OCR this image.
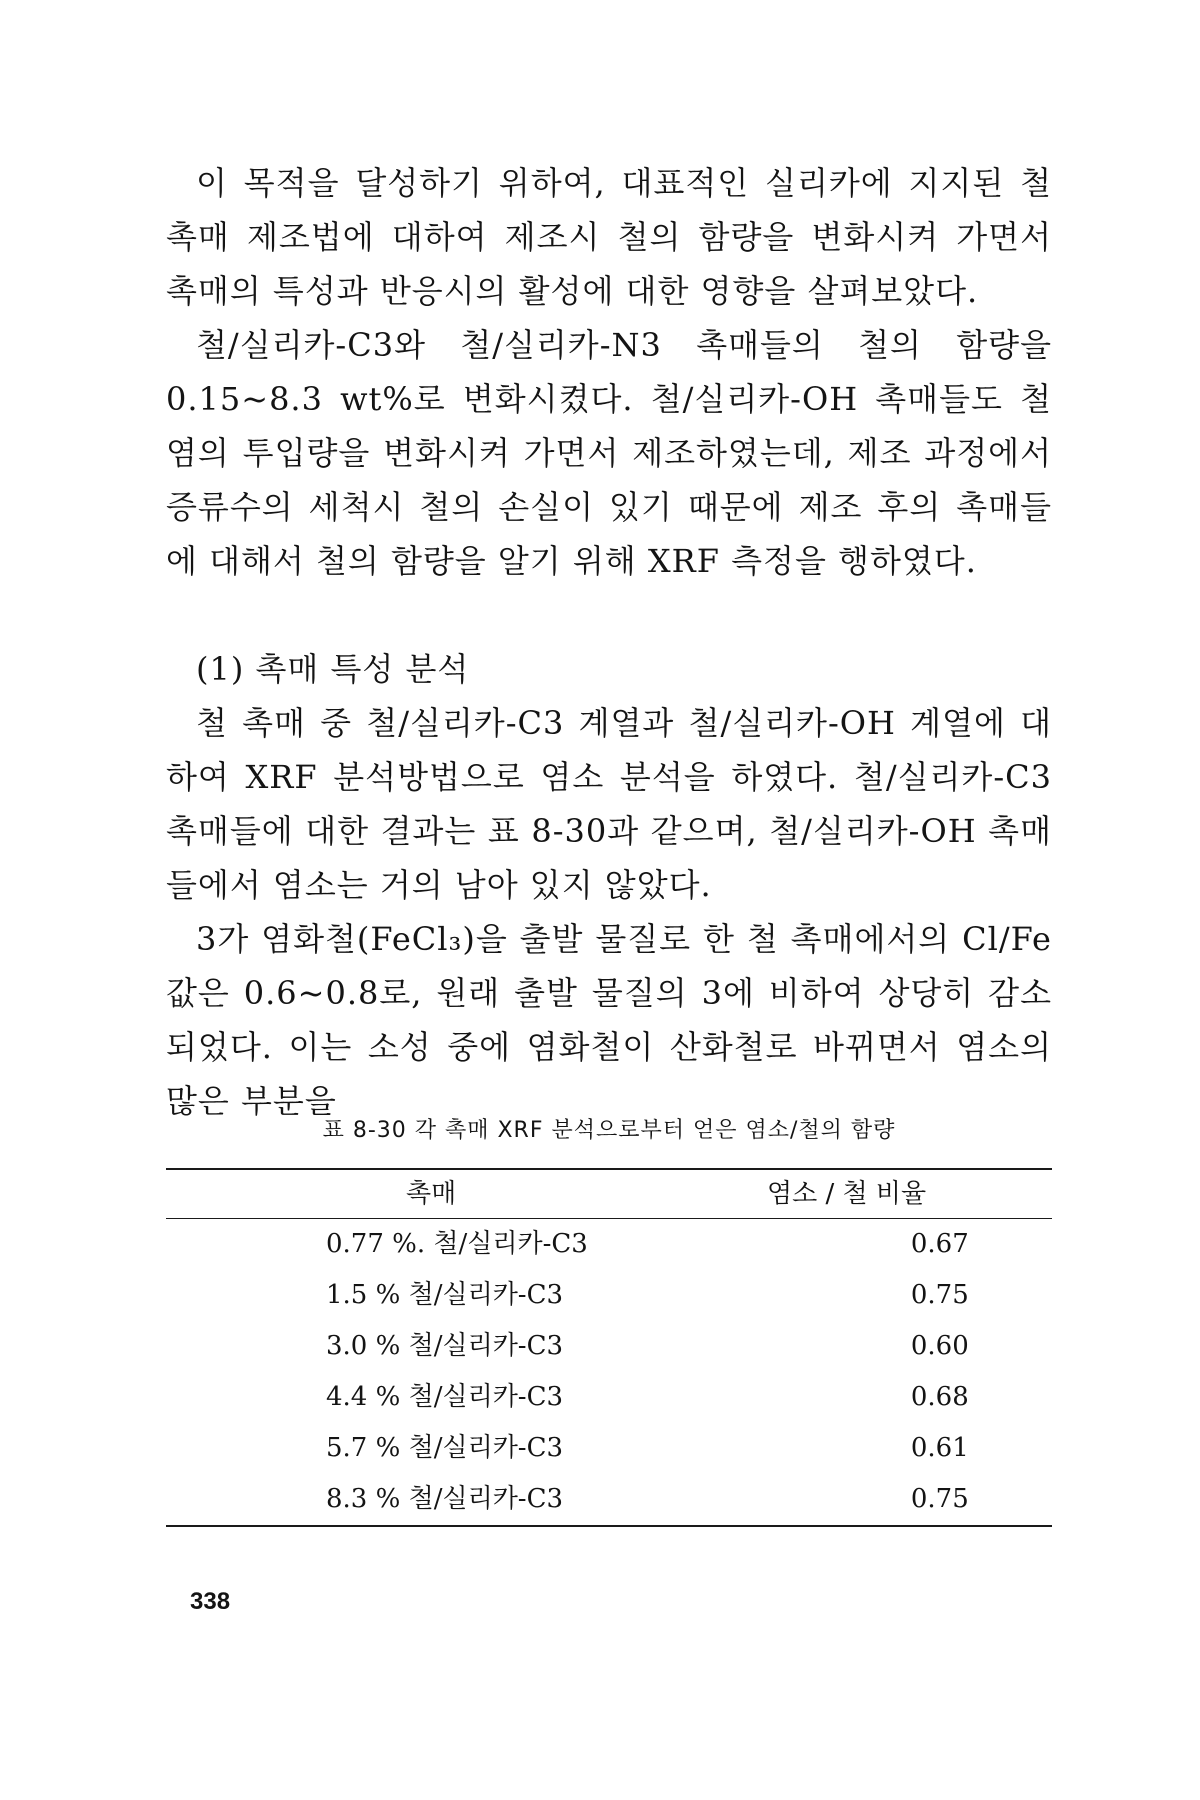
이 목적을 달성하기 위하여, 대표적인 실리카에 지지된 철 촉매 제조법에 대하여 제조시 철의 함량을 변화시켜 가면서 촉매의 특성과 반응시의 활성에 대한 영향을 살펴보았다.

철/실리카-C3와 철/실리카-N3 촉매들의 철의 함량을 0.15~8.3 wt%로 변화시켰다. 철/실리카-OH 촉매들도 철염의 투입량을 변화시켜 가면서 제조하였는데, 제조 과정에서 증류수의 세척시 철의 손실이 있기 때문에 제조 후의 촉매들에 대해서 철의 함량을 알기 위해 XRF 측정을 행하였다.

(1) 촉매 특성 분석

철 촉매 중 철/실리카-C3 계열과 철/실리카-OH 계열에 대하여 XRF 분석방법으로 염소 분석을 하였다. 철/실리카-C3 촉매들에 대한 결과는 표 8-30과 같으며, 철/실리카-OH 촉매들에서 염소는 거의 남아 있지 않았다.

3가 염화철(FeCl₃)을 출발 물질로 한 철 촉매에서의 Cl/Fe 값은 0.6~0.8로, 원래 출발 물질의 3에 비하여 상당히 감소되었다. 이는 소성 중에 염화철이 산화철로 바뀌면서 염소의 많은 부분을

표 8-30 각 촉매 XRF 분석으로부터 얻은 염소/철의 함량
촉매	염소 / 철 비율
0.77 %. 철/실리카-C3	0.67
1.5 % 철/실리카-C3	0.75
3.0 % 철/실리카-C3	0.60
4.4 % 철/실리카-C3	0.68
5.7 % 철/실리카-C3	0.61
8.3 % 철/실리카-C3	0.75
338
